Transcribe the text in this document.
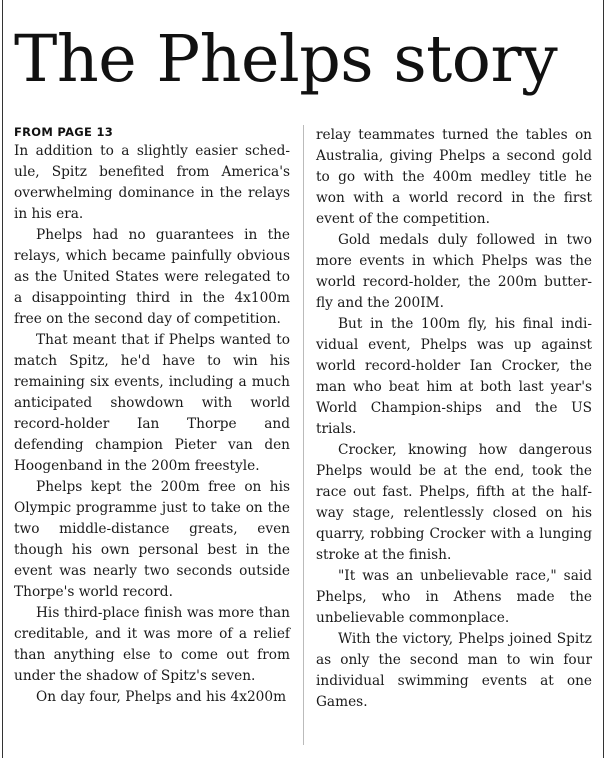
The Phelps story
FROM PAGE 13

In addition to a slightly easier schedule, Spitz benefited from America's overwhelming dominance in the relays in his era.

Phelps had no guarantees in the relays, which became painfully obvious as the United States were relegated to a disappointing third in the 4x100m free on the second day of competition.

That meant that if Phelps wanted to match Spitz, he'd have to win his remaining six events, including a much anticipated showdown with world record-holder Ian Thorpe and defending champion Pieter van den Hoogenband in the 200m freestyle.

Phelps kept the 200m free on his Olympic programme just to take on the two middle-distance greats, even though his own personal best in the event was nearly two seconds outside Thorpe's world record.

His third-place finish was more than creditable, and it was more of a relief than anything else to come out from under the shadow of Spitz's seven.

On day four, Phelps and his 4x200m

relay teammates turned the tables on Australia, giving Phelps a second gold to go with the 400m medley title he won with a world record in the first event of the competition.

Gold medals duly followed in two more events in which Phelps was the world record-holder, the 200m butterfly and the 200IM.

But in the 100m fly, his final individual event, Phelps was up against world record-holder Ian Crocker, the man who beat him at both last year's World Champion-ships and the US trials.

Crocker, knowing how dangerous Phelps would be at the end, took the race out fast. Phelps, fifth at the halfway stage, relentlessly closed on his quarry, robbing Crocker with a lunging stroke at the finish.

"It was an unbelievable race," said Phelps, who in Athens made the unbelievable commonplace.

With the victory, Phelps joined Spitz as only the second man to win four individual swimming events at one Games.
